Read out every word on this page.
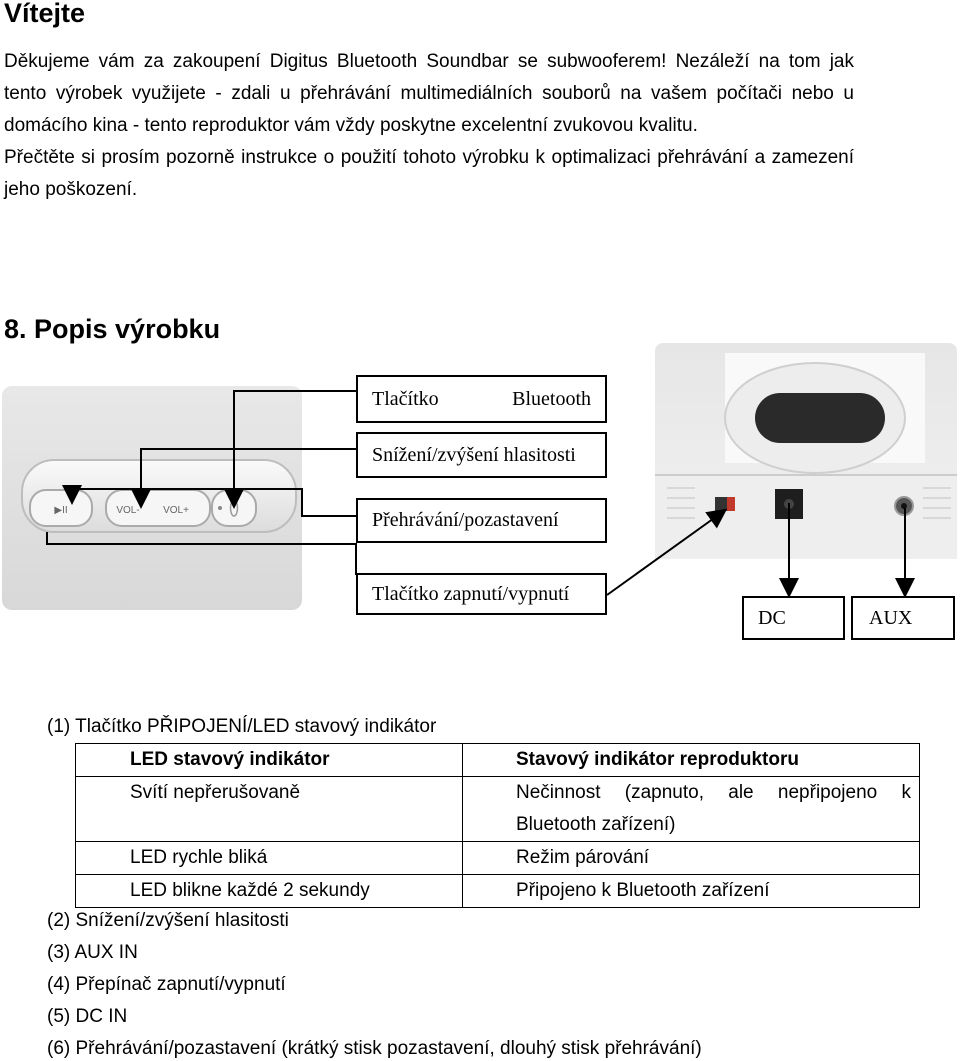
Vítejte

Děkujeme vám za zakoupení Digitus Bluetooth Soundbar se subwooferem! Nezáleží na tom jak tento výrobek využijete - zdali u přehrávání multimediálních souborů na vašem počítači nebo u domácího kina - tento reproduktor vám vždy poskytne excelentní zvukovou kvalitu.

Přečtěte si prosím pozorně instrukce o použití tohoto výrobku k optimalizaci přehrávání a zamezení jeho poškození.

8. Popis výrobku
▶II	VOL- VOL+
Tlačítko	Bluetooth
Snížení/zvýšení hlasitosti
Přehrávání/pozastavení
Tlačítko zapnutí/vypnutí
DC	AUX
(1) Tlačítko PŘIPOJENÍ/LED stavový indikátor
LED stavový indikátor	Stavový indikátor reproduktoru
Svítí nepřerušovaně	Nečinnost (zapnuto, ale nepřipojeno k Bluetooth zařízení)
LED rychle bliká	Režim párování
LED blikne každé 2 sekundy	Připojeno k Bluetooth zařízení
(2) Snížení/zvýšení hlasitosti
(3) AUX IN
(4) Přepínač zapnutí/vypnutí
(5) DC IN
(6) Přehrávání/pozastavení (krátký stisk pozastavení, dlouhý stisk přehrávání)
